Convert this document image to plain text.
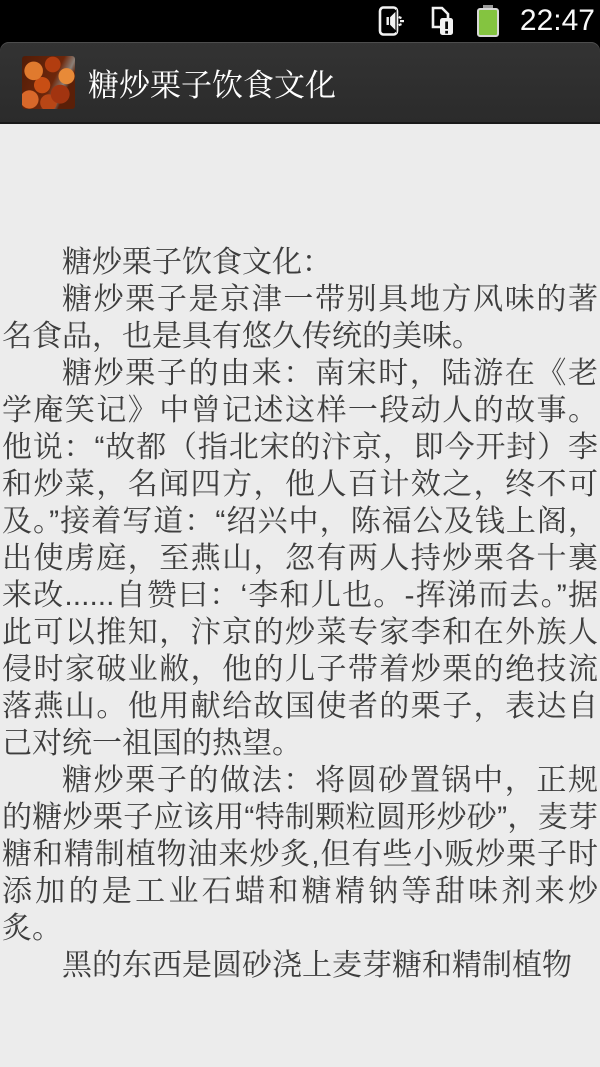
22:47
糖炒栗子饮食文化

糖炒栗子饮食文化：

糖炒栗子是京津一带别具地方风味的著名食品，也是具有悠久传统的美味。

糖炒栗子的由来：南宋时，陆游在《老学庵笑记》中曾记述这样一段动人的故事。他说：“故都（指北宋的汴京，即今开封）李和炒菜，名闻四方，他人百计效之，终不可及。”接着写道：“绍兴中，陈福公及钱上阁，出使虏庭，至燕山，忽有两人持炒栗各十裏来改......自赞曰：‘李和儿也。-挥涕而去。”据此可以推知，汴京的炒菜专家李和在外族人侵时家破业敝，他的儿子带着炒栗的绝技流落燕山。他用献给故国使者的栗子，表达自己对统一祖国的热望。

糖炒栗子的做法：将圆砂置锅中，正规的糖炒栗子应该用“特制颗粒圆形炒砂”，麦芽糖和精制植物油来炒炙,但有些小贩炒栗子时添加的是工业石蜡和糖精钠等甜味剂来炒炙。

黑的东西是圆砂浇上麦芽糖和精制植物
